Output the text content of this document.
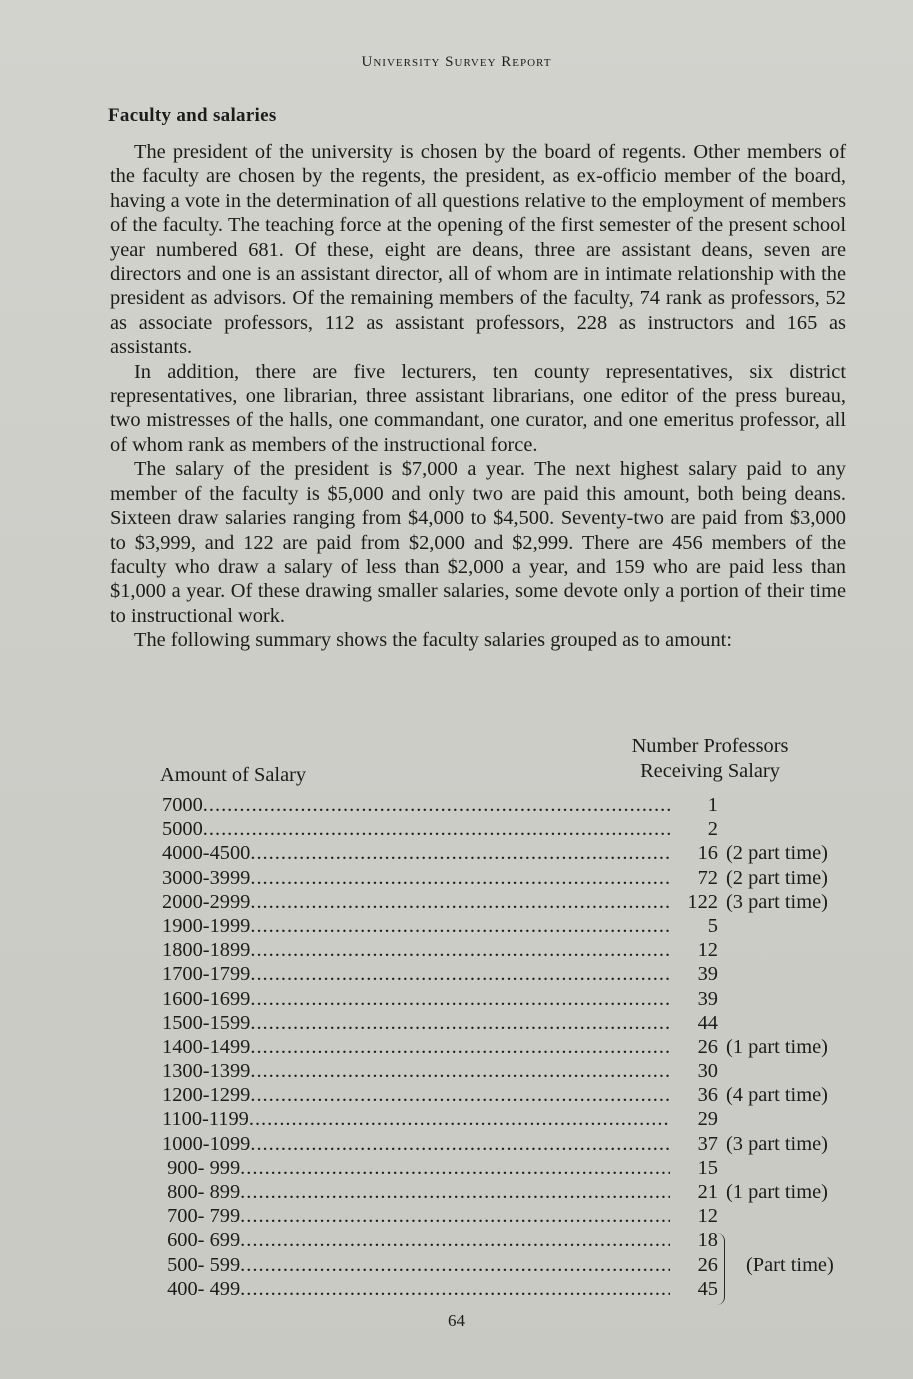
University Survey Report
Faculty and salaries

The president of the university is chosen by the board of regents. Other members of the faculty are chosen by the regents, the president, as ex-officio member of the board, having a vote in the determination of all questions relative to the employment of members of the faculty. The teaching force at the opening of the first semester of the present school year numbered 681. Of these, eight are deans, three are assistant deans, seven are directors and one is an assistant director, all of whom are in intimate relationship with the president as advisors. Of the remaining members of the faculty, 74 rank as professors, 52 as associate professors, 112 as assistant professors, 228 as instructors and 165 as assistants.

In addition, there are five lecturers, ten county representatives, six district representatives, one librarian, three assistant librarians, one editor of the press bureau, two mistresses of the halls, one commandant, one curator, and one emeritus professor, all of whom rank as members of the instructional force.

The salary of the president is $7,000 a year. The next highest salary paid to any member of the faculty is $5,000 and only two are paid this amount, both being deans. Sixteen draw salaries ranging from $4,000 to $4,500. Seventy-two are paid from $3,000 to $3,999, and 122 are paid from $2,000 and $2,999. There are 456 members of the faculty who draw a salary of less than $2,000 a year, and 159 who are paid less than $1,000 a year. Of these drawing smaller salaries, some devote only a portion of their time to instructional work.

The following summary shows the faculty salaries grouped as to amount:

Amount of Salary
Number Professors
Receiving Salary
7000 .....	1
5000 .....	2
4000-4500 .....	16 (2 part time)
3000-3999 .....	72 (2 part time)
2000-2999 .....	122 (3 part time)
1900-1999 .....	5
1800-1899 .....	12
1700-1799 .....	39
1600-1699 .....	39
1500-1599 .....	44
1400-1499 .....	26 (1 part time)
1300-1399 .....	30
1200-1299 .....	36 (4 part time)
1100-1199 .....	29
1000-1099 .....	37 (3 part time)
900- 999 .....	15
800- 899 .....	21 (1 part time)
700- 799 .....	12
600- 699 .....	18
500- 599 .....	26
400- 499 .....	45
(Part time)
64
